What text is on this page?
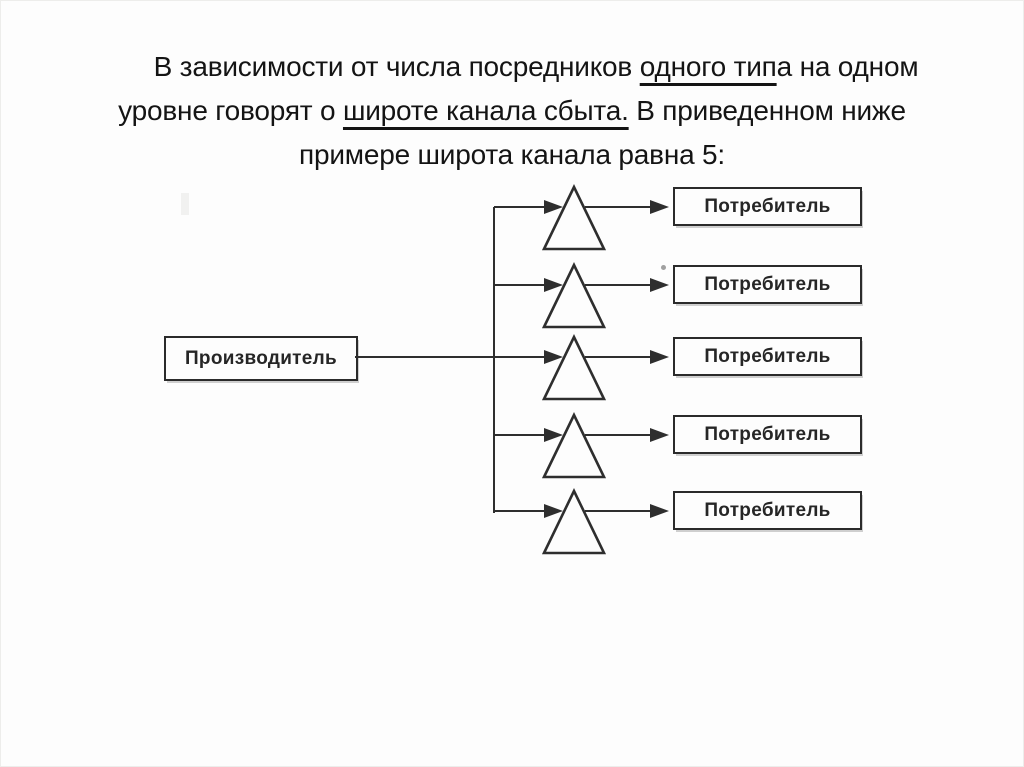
В зависимости от числа посредников одного типа на одном
уровне говорят о широте канала сбыта. В приведенном ниже
примере широта канала равна 5:
Производитель
Потребитель
Потребитель
Потребитель
Потребитель
Потребитель
